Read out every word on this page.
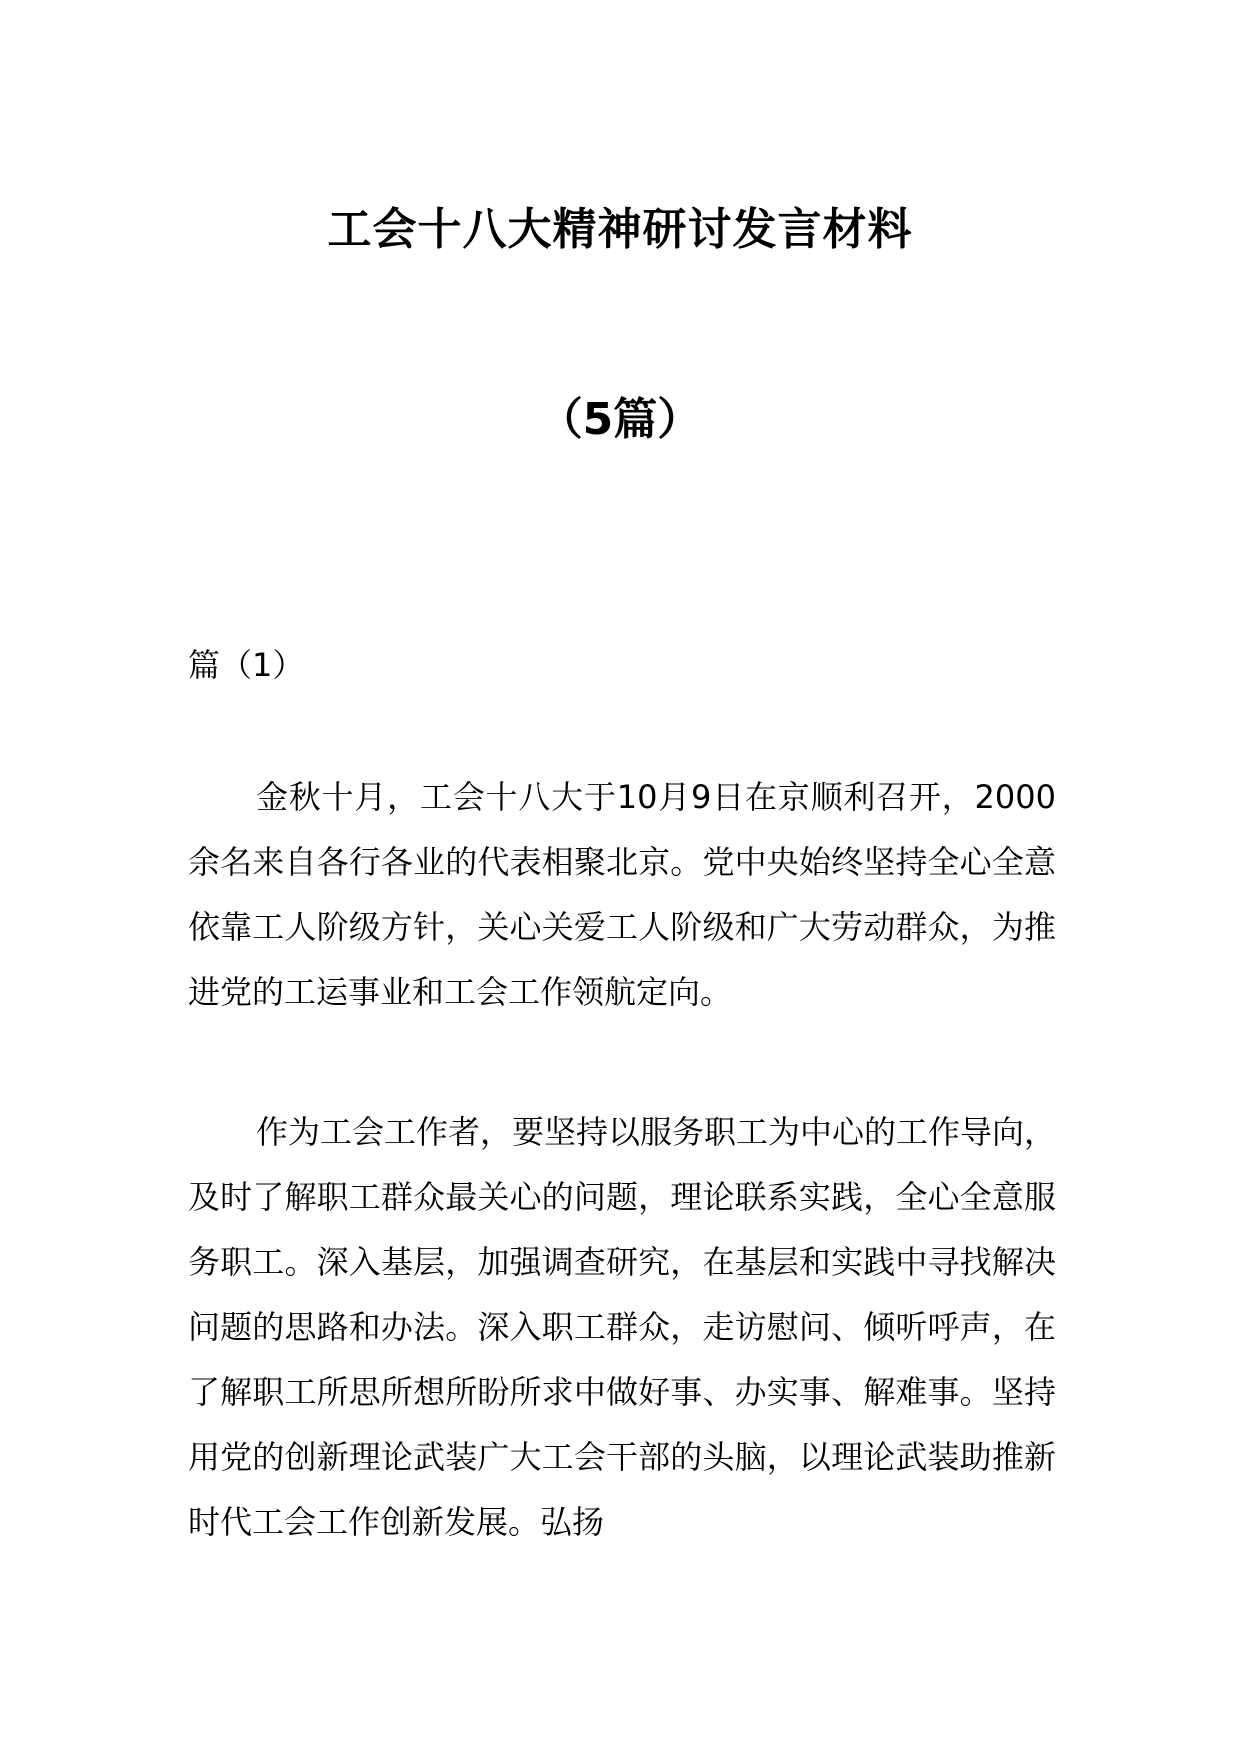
工会十八大精神研讨发言材料
（5篇）
篇（1）

金秋十月，工会十八大于10月9日在京顺利召开，2000余名来自各行各业的代表相聚北京。党中央始终坚持全心全意依靠工人阶级方针，关心关爱工人阶级和广大劳动群众，为推进党的工运事业和工会工作领航定向。

作为工会工作者，要坚持以服务职工为中心的工作导向，及时了解职工群众最关心的问题，理论联系实践，全心全意服务职工。深入基层，加强调查研究，在基层和实践中寻找解决问题的思路和办法。深入职工群众，走访慰问、倾听呼声，在了解职工所思所想所盼所求中做好事、办实事、解难事。坚持用党的创新理论武装广大工会干部的头脑，以理论武装助推新时代工会工作创新发展。弘扬
